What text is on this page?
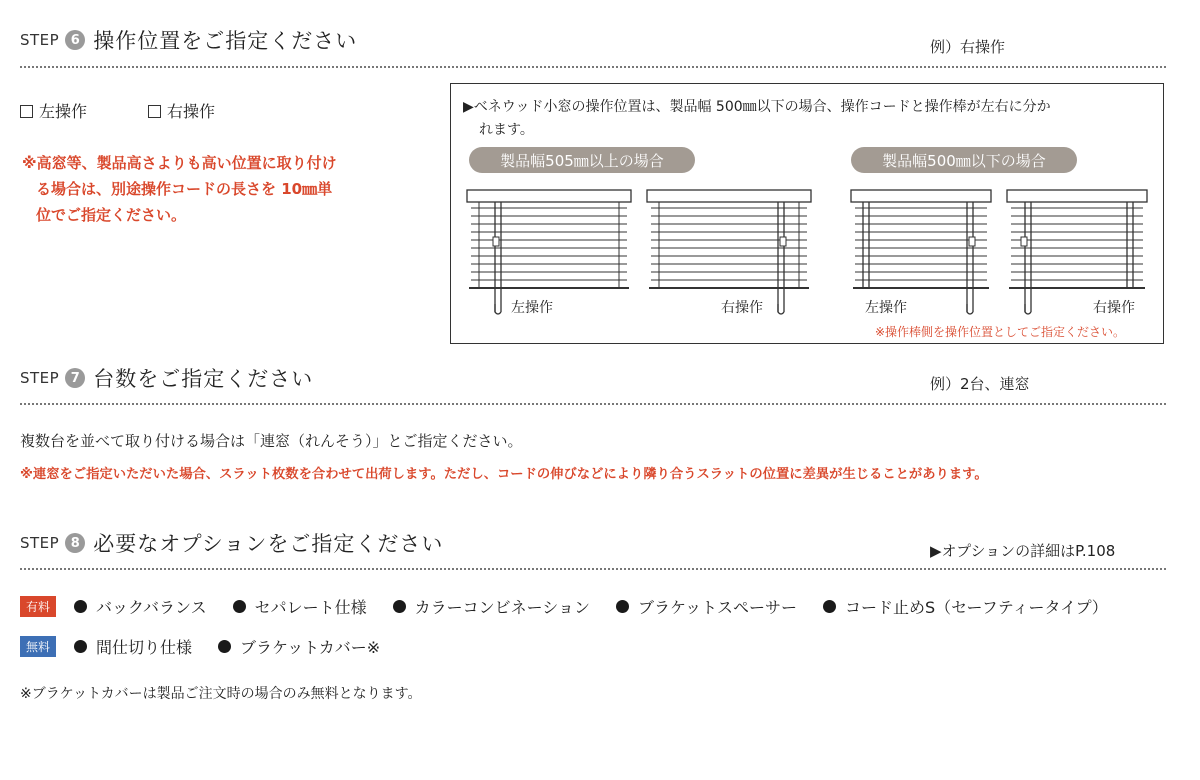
STEP 6 操作位置をご指定ください	例）右操作
左操作	右操作
※高窓等、製品高さよりも高い位置に取り付け
る場合は、別途操作コードの長さを 10㎜単
位でご指定ください。
▶ベネウッド小窓の操作位置は、製品幅 500㎜以下の場合、操作コードと操作棒が左右に分か
れます。
製品幅505㎜以上の場合	製品幅500㎜以下の場合
左操作	右操作	左操作	右操作
※操作棒側を操作位置としてご指定ください。
STEP 7 台数をご指定ください	例）2台、連窓
複数台を並べて取り付ける場合は「連窓（れんそう）」とご指定ください。
※連窓をご指定いただいた場合、スラット枚数を合わせて出荷します。ただし、コードの伸びなどにより隣り合うスラットの位置に差異が生じることがあります。
STEP 8 必要なオプションをご指定ください	▶オプションの詳細はP.108
有料	バックバランス	セパレート仕様	カラーコンビネーション	ブラケットスペーサー	コード止めS（セーフティータイプ）
無料	間仕切り仕様	ブラケットカバー※
※ブラケットカバーは製品ご注文時の場合のみ無料となります。
